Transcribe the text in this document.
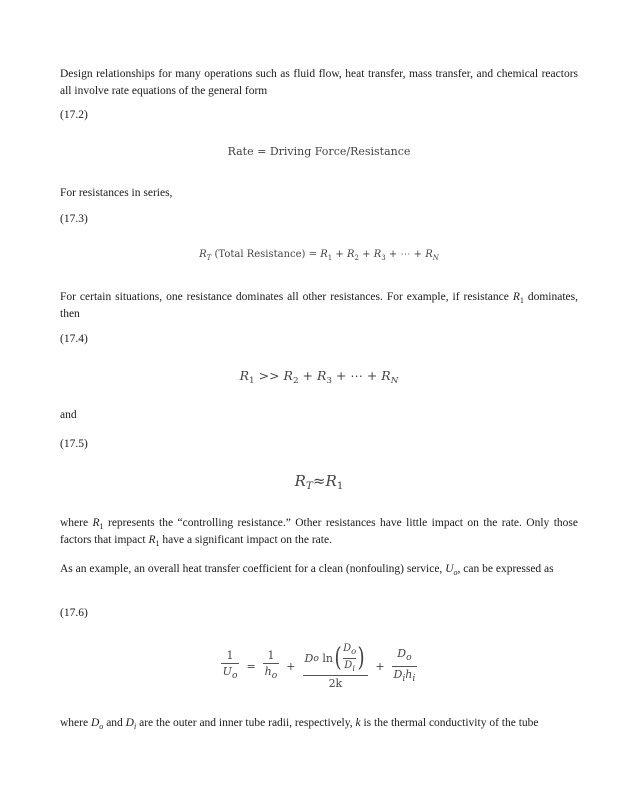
Design relationships for many operations such as fluid flow, heat transfer, mass transfer, and chemical reactors all involve rate equations of the general form

(17.2)

Rate = Driving Force/Resistance

For resistances in series,

(17.3)

$R_T$ (Total Resistance) = $R_1 + R_2 + R_3$ + ⋯ + $R_N$

For certain situations, one resistance dominates all other resistances. For example, if resistance $R_1$ dominates, then

(17.4)

$R_1 >> R_2 + R_3$ + ⋯ + $R_N$

and

(17.5)

$R_T\approx R_1$

where $R_1$ represents the “controlling resistance.” Other resistances have little impact on the rate. Only those factors that impact $R_1$ have a significant impact on the rate.

As an example, an overall heat transfer coefficient for a clean (nonfouling) service, $U_o$, can be expressed as

(17.6)

$\frac{1}{U_o} = \frac{1}{h_o}$ +
D o
ln ( $\frac{D_o}{D_i}$ )
2k
+ $\frac{D_o}{D_ih_i}$

where $D_o$ and $D_i$ are the outer and inner tube radii, respectively, k is the thermal conductivity of the tube
